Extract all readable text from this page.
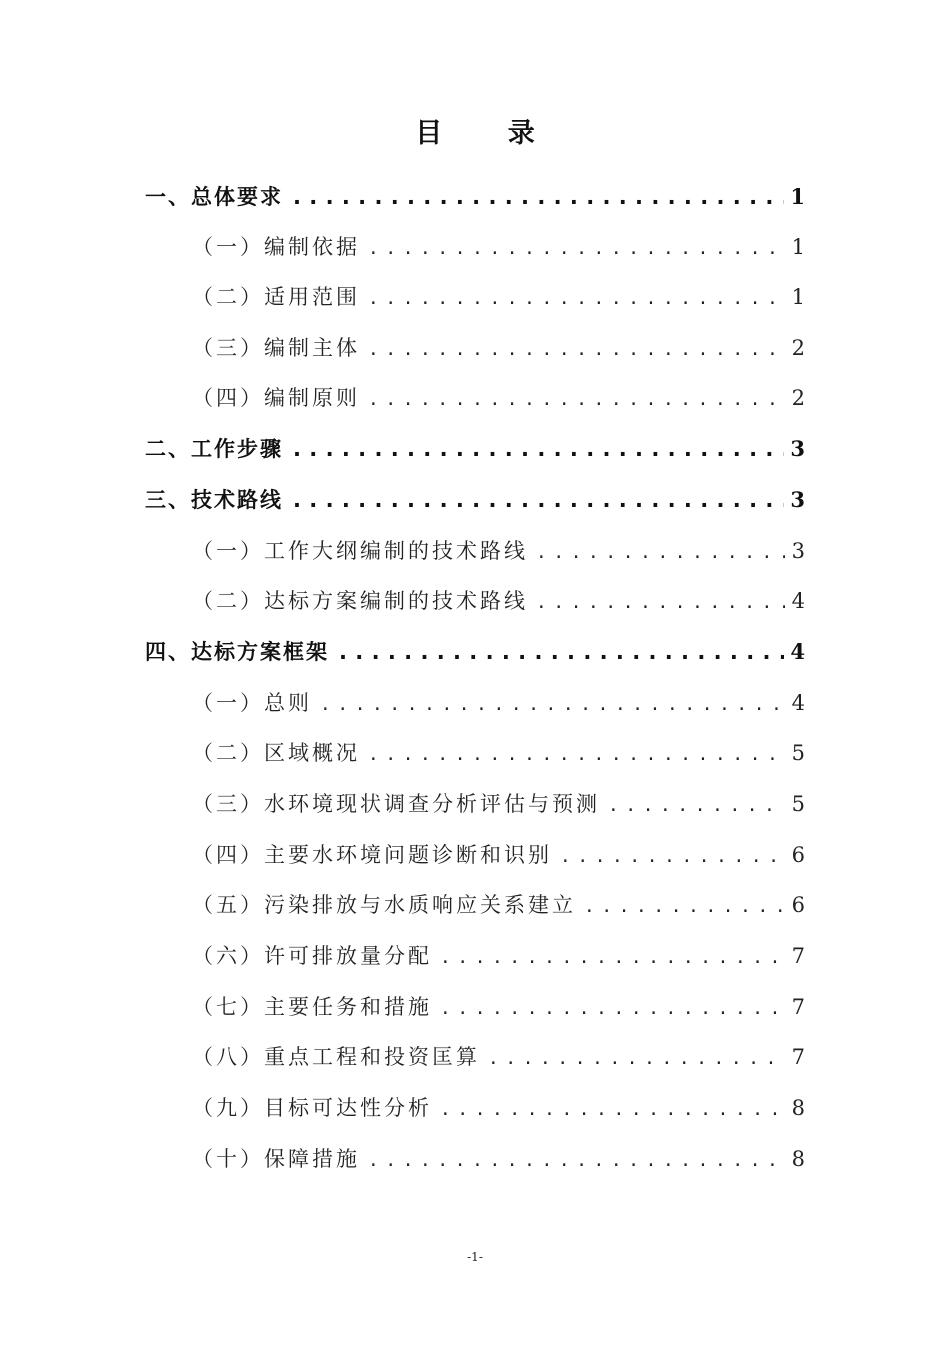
目 录
一、总体要求 . . .	1
（一）编制依据 . . .	1
（二）适用范围 . . .	1
（三）编制主体 . . .	2
（四）编制原则 . . .	2
二、工作步骤 . . .	3
三、技术路线 . . .	3
（一）工作大纲编制的技术路线 . . .	3
（二）达标方案编制的技术路线 . . .	4
四、达标方案框架 . . .	4
（一）总则 . . .	4
（二）区域概况 . . .	5
（三）水环境现状调查分析评估与预测 . . .	5
（四）主要水环境问题诊断和识别 . . .	6
（五）污染排放与水质响应关系建立 . . .	6
（六）许可排放量分配 . . .	7
（七）主要任务和措施 . . .	7
（八）重点工程和投资匡算 . . .	7
（九）目标可达性分析 . . .	8
（十）保障措施 . . .	8
-1-
